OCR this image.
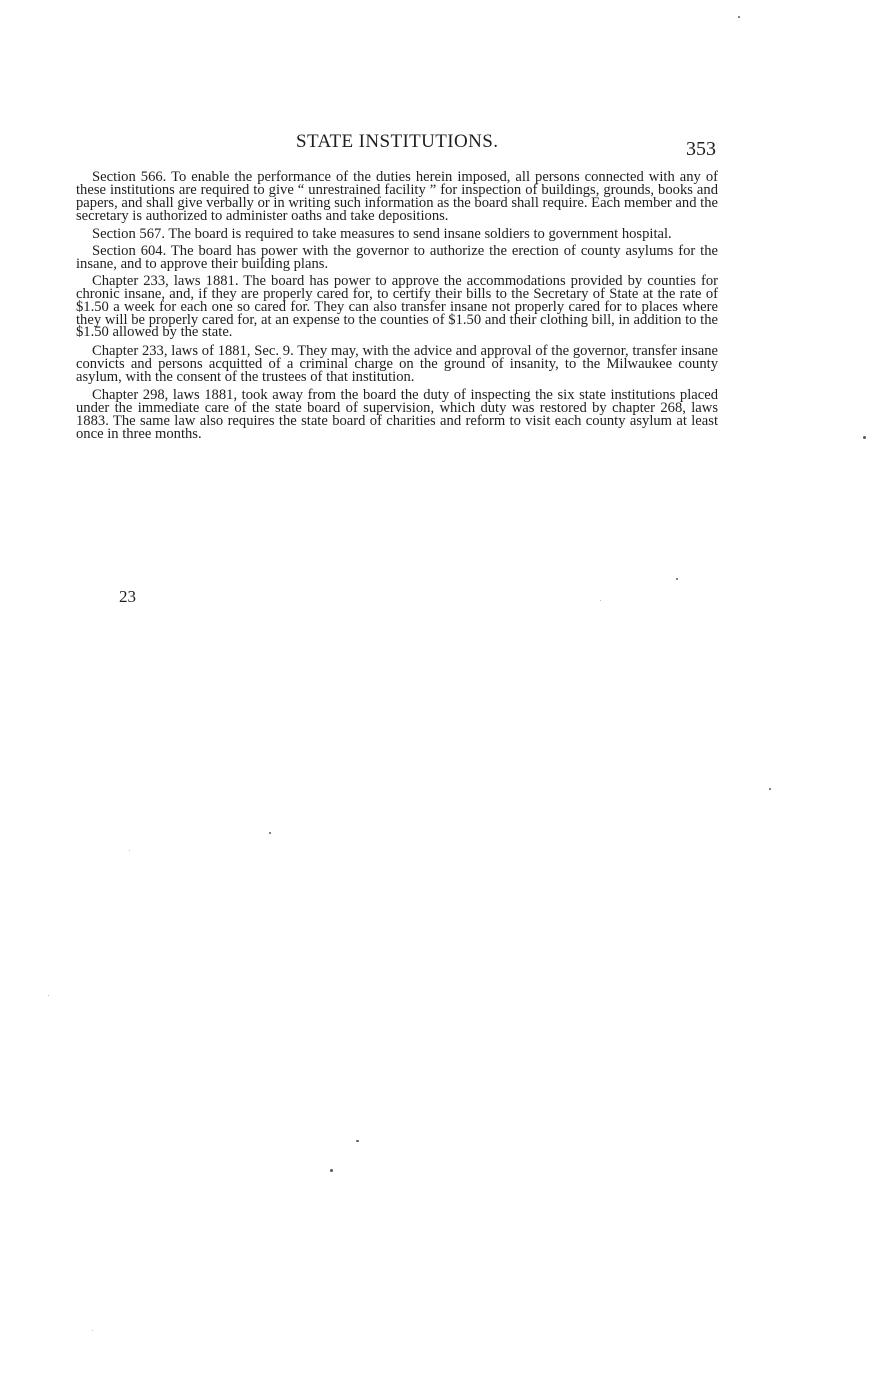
STATE INSTITUTIONS.	353

Section 566. To enable the performance of the duties herein imposed, all persons connected with any of these institutions are required to give “ unrestrained facility ” for inspection of buildings, grounds, books and papers, and shall give verbally or in writing such information as the board shall require. Each member and the secretary is authorized to administer oaths and take depositions.

Section 567. The board is required to take measures to send insane soldiers to government hospital.

Section 604. The board has power with the governor to authorize the erection of county asylums for the insane, and to approve their building plans.

Chapter 233, laws 1881. The board has power to approve the accommodations provided by counties for chronic insane, and, if they are properly cared for, to certify their bills to the Secretary of State at the rate of $1.50 a week for each one so cared for. They can also transfer insane not properly cared for to places where they will be properly cared for, at an expense to the counties of $1.50 and their clothing bill, in addition to the $1.50 allowed by the state.

Chapter 233, laws of 1881, Sec. 9. They may, with the advice and approval of the governor, transfer insane convicts and persons acquitted of a criminal charge on the ground of insanity, to the Milwaukee county asylum, with the consent of the trustees of that institution.

Chapter 298, laws 1881, took away from the board the duty of inspecting the six state institutions placed under the immediate care of the state board of supervision, which duty was restored by chapter 268, laws 1883. The same law also requires the state board of charities and reform to visit each county asylum at least once in three months.

23
